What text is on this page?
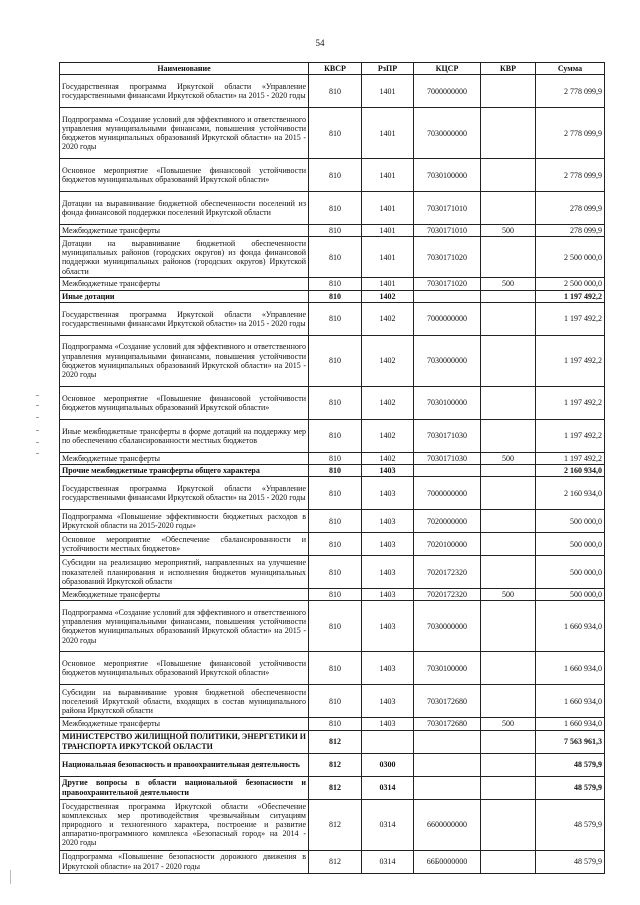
54
Наименование	КВСР	РзПР	КЦСР	КВР	Сумма
Государственная программа Иркутской области «Управление государственными финансами Иркутской области» на 2015 - 2020 годы	810	1401	7000000000		2 778 099,9
Подпрограмма «Создание условий для эффективного и ответственного управления муниципальными финансами, повышения устойчивости бюджетов муниципальных образований Иркутской области» на 2015 - 2020 годы	810	1401	7030000000		2 778 099,9
Основное мероприятие «Повышение финансовой устойчивости бюджетов муниципальных образований Иркутской области»	810	1401	7030100000		2 778 099,9
Дотации на выравнивание бюджетной обеспеченности поселений из фонда финансовой поддержки поселений Иркутской области	810	1401	7030171010		278 099,9
Межбюджетные трансферты	810	1401	7030171010	500	278 099,9
Дотации на выравнивание бюджетной обеспеченности муниципальных районов (городских округов) из фонда финансовой поддержки муниципальных районов (городских округов) Иркутской области	810	1401	7030171020		2 500 000,0
Межбюджетные трансферты	810	1401	7030171020	500	2 500 000,0
Иные дотации	810	1402			1 197 492,2
Государственная программа Иркутской области «Управление государственными финансами Иркутской области» на 2015 - 2020 годы	810	1402	7000000000		1 197 492,2
Подпрограмма «Создание условий для эффективного и ответственного управления муниципальными финансами, повышения устойчивости бюджетов муниципальных образований Иркутской области» на 2015 - 2020 годы	810	1402	7030000000		1 197 492,2
Основное мероприятие «Повышение финансовой устойчивости бюджетов муниципальных образований Иркутской области»	810	1402	7030100000		1 197 492,2
Иные межбюджетные трансферты в форме дотаций на поддержку мер по обеспечению сбалансированности местных бюджетов	810	1402	7030171030		1 197 492,2
Межбюджетные трансферты	810	1402	7030171030	500	1 197 492,2
Прочие межбюджетные трансферты общего характера	810	1403			2 160 934,0
Государственная программа Иркутской области «Управление государственными финансами Иркутской области» на 2015 - 2020 годы	810	1403	7000000000		2 160 934,0
Подпрограмма «Повышение эффективности бюджетных расходов в Иркутской области на 2015-2020 годы»	810	1403	7020000000		500 000,0
Основное мероприятие «Обеспечение сбалансированности и устойчивости местных бюджетов»	810	1403	7020100000		500 000,0
Субсидии на реализацию мероприятий, направленных на улучшение показателей планирования и исполнения бюджетов муниципальных образований Иркутской области	810	1403	7020172320		500 000,0
Межбюджетные трансферты	810	1403	7020172320	500	500 000,0
Подпрограмма «Создание условий для эффективного и ответственного управления муниципальными финансами, повышения устойчивости бюджетов муниципальных образований Иркутской области» на 2015 - 2020 годы	810	1403	7030000000		1 660 934,0
Основное мероприятие «Повышение финансовой устойчивости бюджетов муниципальных образований Иркутской области»	810	1403	7030100000		1 660 934,0
Субсидии на выравнивание уровня бюджетной обеспеченности поселений Иркутской области, входящих в состав муниципального района Иркутской области	810	1403	7030172680		1 660 934,0
Межбюджетные трансферты	810	1403	7030172680	500	1 660 934,0
МИНИСТЕРСТВО ЖИЛИЩНОЙ ПОЛИТИКИ, ЭНЕРГЕТИКИ И ТРАНСПОРТА ИРКУТСКОЙ ОБЛАСТИ	812				7 563 961,3
Национальная безопасность и правоохранительная деятельность	812	0300			48 579,9
Другие вопросы в области национальной безопасности и правоохранительной деятельности	812	0314			48 579,9
Государственная программа Иркутской области «Обеспечение комплексных мер противодействия чрезвычайным ситуациям природного и техногенного характера, построение и развитие аппаратно-программного комплекса «Безопасный город» на 2014 - 2020 годы	812	0314	6600000000		48 579,9
Подпрограмма «Повышение безопасности дорожного движения в Иркутской области» на 2017 - 2020 годы	812	0314	66Б0000000		48 579,9
